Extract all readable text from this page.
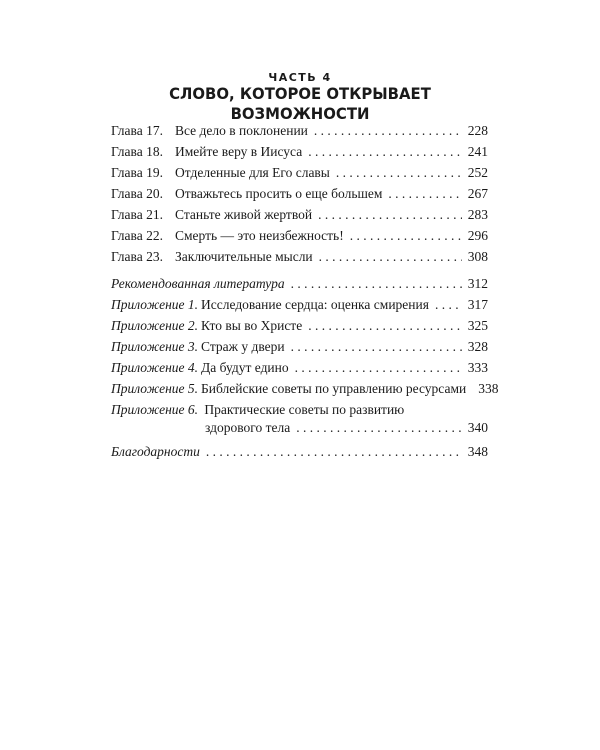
ЧАСТЬ 4
СЛОВО, КОТОРОЕ ОТКРЫВАЕТ
ВОЗМОЖНОСТИ
Глава 17. Все дело в поклонении . . .	228
Глава 18. Имейте веру в Иисуса . . .	241
Глава 19. Отделенные для Его славы . . .	252
Глава 20. Отважьтесь просить о еще большем . . .	267
Глава 21. Станьте живой жертвой . . .	283
Глава 22. Смерть — это неизбежность! . . .	296
Глава 23. Заключительные мысли . . .	308
Рекомендованная литература . . .	312
Приложение 1. Исследование сердца: оценка смирения . . .	317
Приложение 2. Кто вы во Христе . . .	325
Приложение 3. Страж у двери . . .	328
Приложение 4. Да будут едино . . .	333
Приложение 5. Библейские советы по управлению ресурсами 338
Приложение 6. Практические советы по развитию
здорового тела . . .	340
Благодарности . . .	348
